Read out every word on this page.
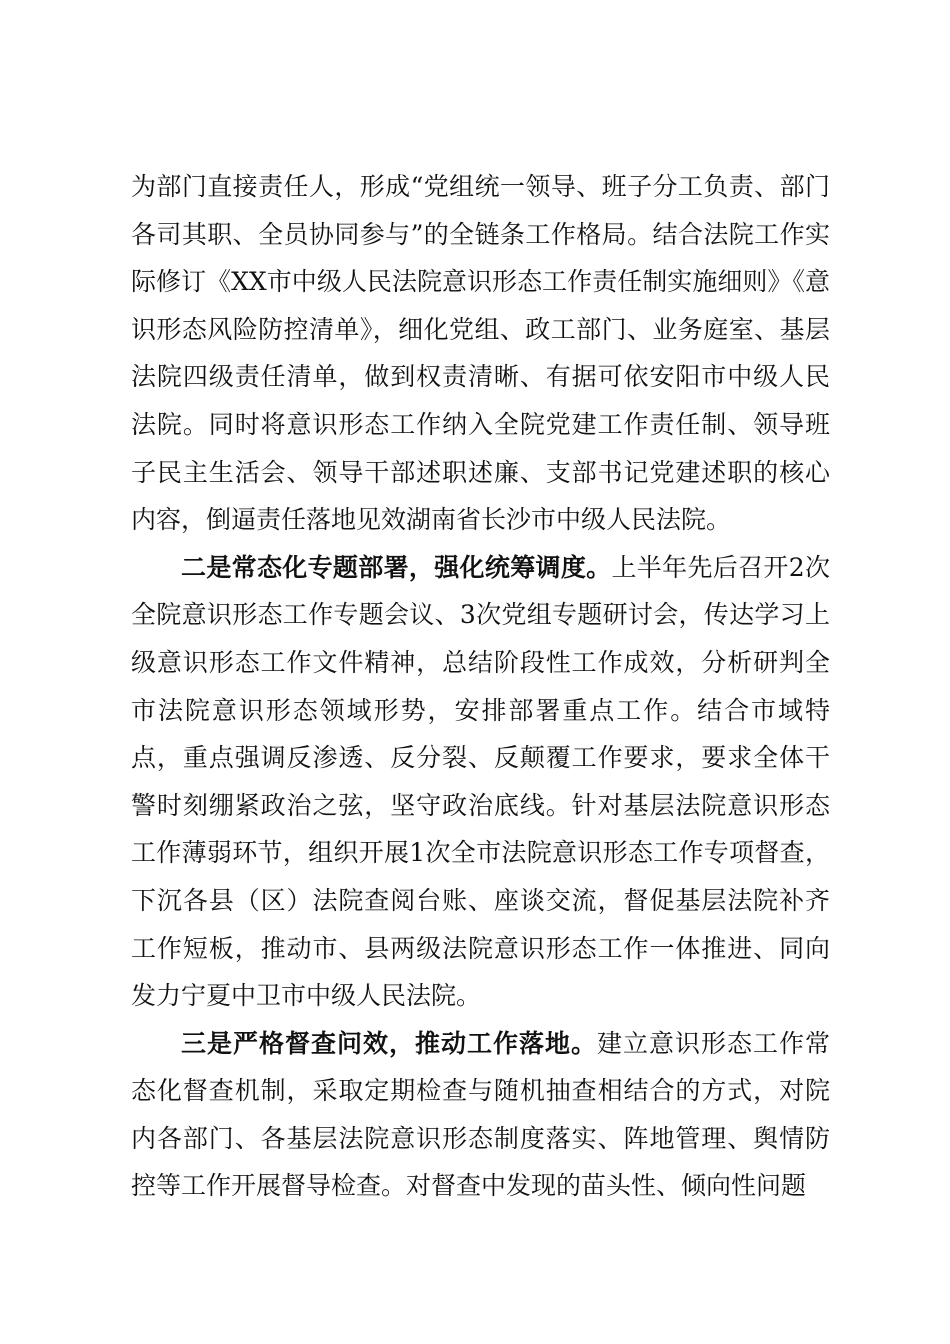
为部门直接责任人，形成“党组统一领导、班子分工负责、部门各司其职、全员协同参与”的全链条工作格局。结合法院工作实际修订《XX市中级人民法院意识形态工作责任制实施细则》《意识形态风险防控清单》，细化党组、政工部门、业务庭室、基层法院四级责任清单，做到权责清晰、有据可依安阳市中级人民法院。同时将意识形态工作纳入全院党建工作责任制、领导班子民主生活会、领导干部述职述廉、支部书记党建述职的核心内容，倒逼责任落地见效湖南省长沙市中级人民法院。

二是常态化专题部署，强化统筹调度。上半年先后召开2次全院意识形态工作专题会议、3次党组专题研讨会，传达学习上级意识形态工作文件精神，总结阶段性工作成效，分析研判全市法院意识形态领域形势，安排部署重点工作。结合市域特点，重点强调反渗透、反分裂、反颠覆工作要求，要求全体干警时刻绷紧政治之弦，坚守政治底线。针对基层法院意识形态工作薄弱环节，组织开展1次全市法院意识形态工作专项督查，下沉各县（区）法院查阅台账、座谈交流，督促基层法院补齐工作短板，推动市、县两级法院意识形态工作一体推进、同向发力宁夏中卫市中级人民法院。

三是严格督查问效，推动工作落地。建立意识形态工作常态化督查机制，采取定期检查与随机抽查相结合的方式，对院内各部门、各基层法院意识形态制度落实、阵地管理、舆情防控等工作开展督导检查。对督查中发现的苗头性、倾向性问题
